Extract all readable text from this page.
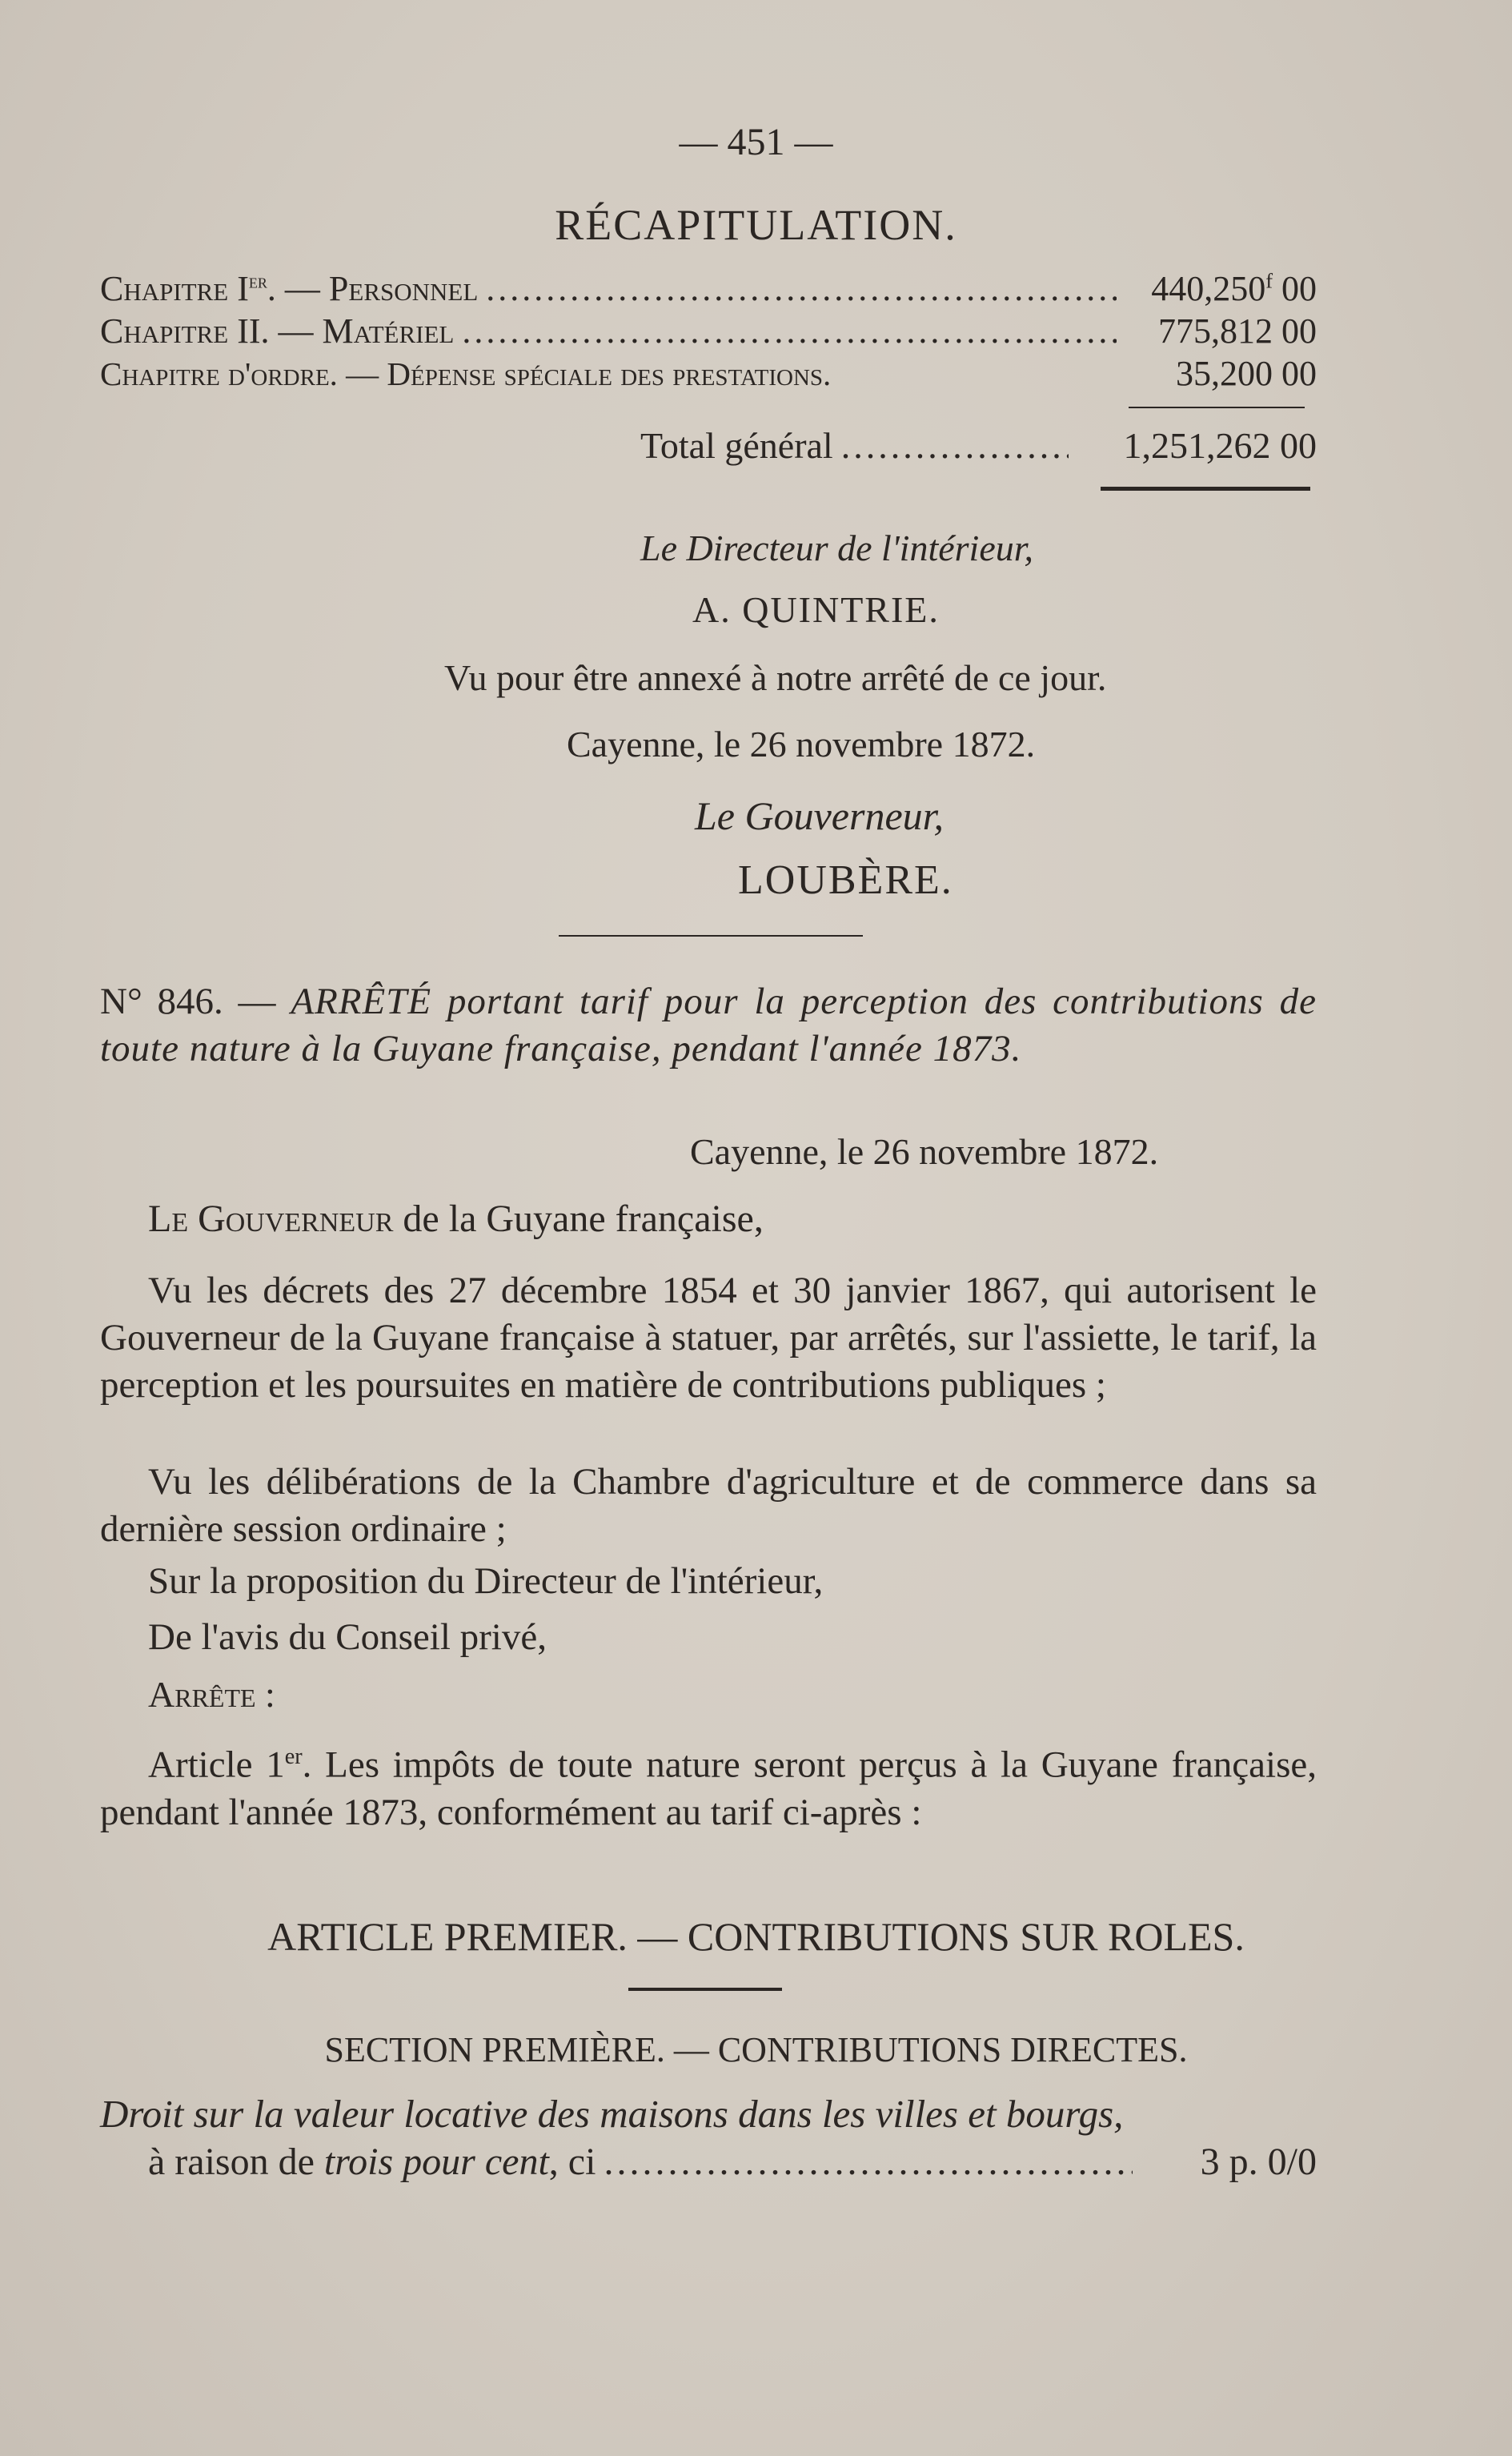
— 451 —
RÉCAPITULATION.
Chapitre Ier. — Personnel .....	440,250$^f$ 00
Chapitre II. — Matériel .....	775,812 00
Chapitre d'ordre. — Dépense spéciale des prestations.	35,200 00
Total général .....	1,251,262 00
Le Directeur de l'intérieur,
A. QUINTRIE.
Vu pour être annexé à notre arrêté de ce jour.
Cayenne, le 26 novembre 1872.
Le Gouverneur,
LOUBÈRE.
N° 846. — ARRÊTÉ portant tarif pour la perception des contributions de toute nature à la Guyane française, pendant l'année 1873.
Cayenne, le 26 novembre 1872.
Le Gouverneur de la Guyane française,
Vu les décrets des 27 décembre 1854 et 30 janvier 1867, qui autorisent le Gouverneur de la Guyane française à statuer, par arrêtés, sur l'assiette, le tarif, la perception et les poursuites en matière de contributions publiques ;
Vu les délibérations de la Chambre d'agriculture et de commerce dans sa dernière session ordinaire ;
Sur la proposition du Directeur de l'intérieur,
De l'avis du Conseil privé,
Arrête :
Article 1er. Les impôts de toute nature seront perçus à la Guyane française, pendant l'année 1873, conformément au tarif ci-après :
ARTICLE PREMIER. — CONTRIBUTIONS SUR ROLES.
SECTION PREMIÈRE. — CONTRIBUTIONS DIRECTES.
Droit sur la valeur locative des maisons dans les villes et bourgs,
à raison de trois pour cent, ci .....	3 p. 0/0
